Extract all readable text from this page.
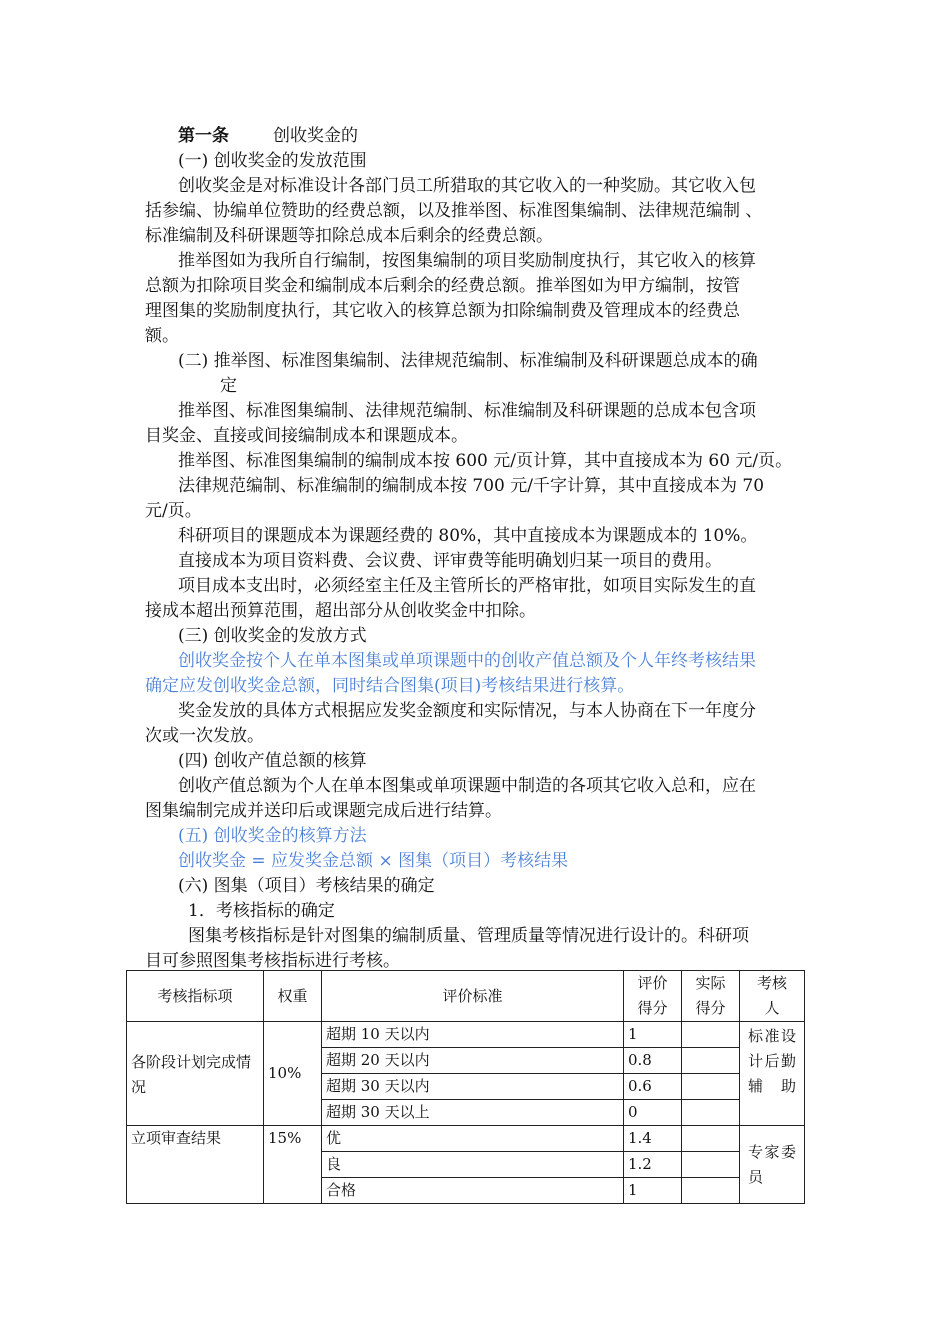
第一条	创收奖金的
(一) 创收奖金的发放范围
创收奖金是对标准设计各部门员工所猎取的其它收入的一种奖励。其它收入包
括参编、协编单位赞助的经费总额，以及推举图、标准图集编制、法律规范编制 、
标准编制及科研课题等扣除总成本后剩余的经费总额。
推举图如为我所自行编制，按图集编制的项目奖励制度执行，其它收入的核算
总额为扣除项目奖金和编制成本后剩余的经费总额。推举图如为甲方编制，按管
理图集的奖励制度执行，其它收入的核算总额为扣除编制费及管理成本的经费总
额。
(二) 推举图、标准图集编制、法律规范编制、标准编制及科研课题总成本的确
定
推举图、标准图集编制、法律规范编制、标准编制及科研课题的总成本包含项
目奖金、直接或间接编制成本和课题成本。
推举图、标准图集编制的编制成本按 600 元/页计算，其中直接成本为 60 元/页。
法律规范编制、标准编制的编制成本按 700 元/千字计算，其中直接成本为 70
元/页。
科研项目的课题成本为课题经费的 80%，其中直接成本为课题成本的 10%。
直接成本为项目资料费、会议费、评审费等能明确划归某一项目的费用。
项目成本支出时，必须经室主任及主管所长的严格审批，如项目实际发生的直
接成本超出预算范围，超出部分从创收奖金中扣除。
(三) 创收奖金的发放方式
创收奖金按个人在单本图集或单项课题中的创收产值总额及个人年终考核结果
确定应发创收奖金总额，同时结合图集(项目)考核结果进行核算。
奖金发放的具体方式根据应发奖金额度和实际情况，与本人协商在下一年度分
次或一次发放。
(四) 创收产值总额的核算
创收产值总额为个人在单本图集或单项课题中制造的各项其它收入总和，应在
图集编制完成并送印后或课题完成后进行结算。
(五) 创收奖金的核算方法
创收奖金 = 应发奖金总额 × 图集（项目）考核结果
(六) 图集（项目）考核结果的确定
1．考核指标的确定
图集考核指标是针对图集的编制质量、管理质量等情况进行设计的。科研项
目可参照图集考核指标进行考核。
考核指标项	权重	评价标准	评价得分	实际得分	考核人
各阶段计划完成情况	10%	超期 10 天以内	1		标准设计后勤辅助
		超期 20 天以内	0.8		
		超期 30 天以内	0.6		
		超期 30 天以上	0		
立项审查结果	15%	优	1.4		专家委员
		良	1.2		
		合格	1		
